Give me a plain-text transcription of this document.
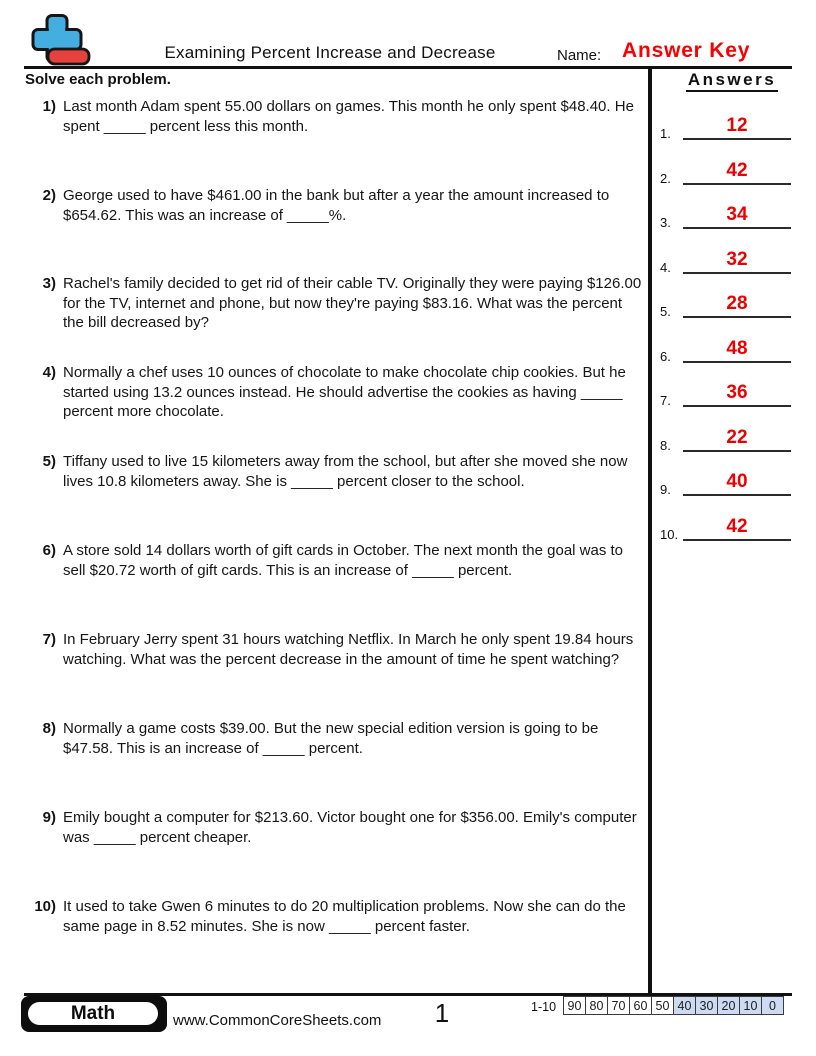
Examining Percent Increase and Decrease	Name: Answer Key
Solve each problem.
1) Last month Adam spent 55.00 dollars on games. This month he only spent $48.40. He spent _____ percent less this month.
2) George used to have $461.00 in the bank but after a year the amount increased to $654.62. This was an increase of _____%.
3) Rachel's family decided to get rid of their cable TV. Originally they were paying $126.00 for the TV, internet and phone, but now they're paying $83.16. What was the percent the bill decreased by?
4) Normally a chef uses 10 ounces of chocolate to make chocolate chip cookies. But he started using 13.2 ounces instead. He should advertise the cookies as having _____ percent more chocolate.
5) Tiffany used to live 15 kilometers away from the school, but after she moved she now lives 10.8 kilometers away. She is _____ percent closer to the school.
6) A store sold 14 dollars worth of gift cards in October. The next month the goal was to sell $20.72 worth of gift cards. This is an increase of _____ percent.
7) In February Jerry spent 31 hours watching Netflix. In March he only spent 19.84 hours watching. What was the percent decrease in the amount of time he spent watching?
8) Normally a game costs $39.00. But the new special edition version is going to be $47.58. This is an increase of _____ percent.
9) Emily bought a computer for $213.60. Victor bought one for $356.00. Emily's computer was _____ percent cheaper.
10) It used to take Gwen 6 minutes to do 20 multiplication problems. Now she can do the same page in 8.52 minutes. She is now _____ percent faster.
Answers
1.	12
2.	42
3.	34
4.	32
5.	28
6.	48
7.	36
8.	22
9.	40
10.	42
Math	www.CommonCoreSheets.com	1	1-10 90 80 70 60 50 40 30 20 10 0
